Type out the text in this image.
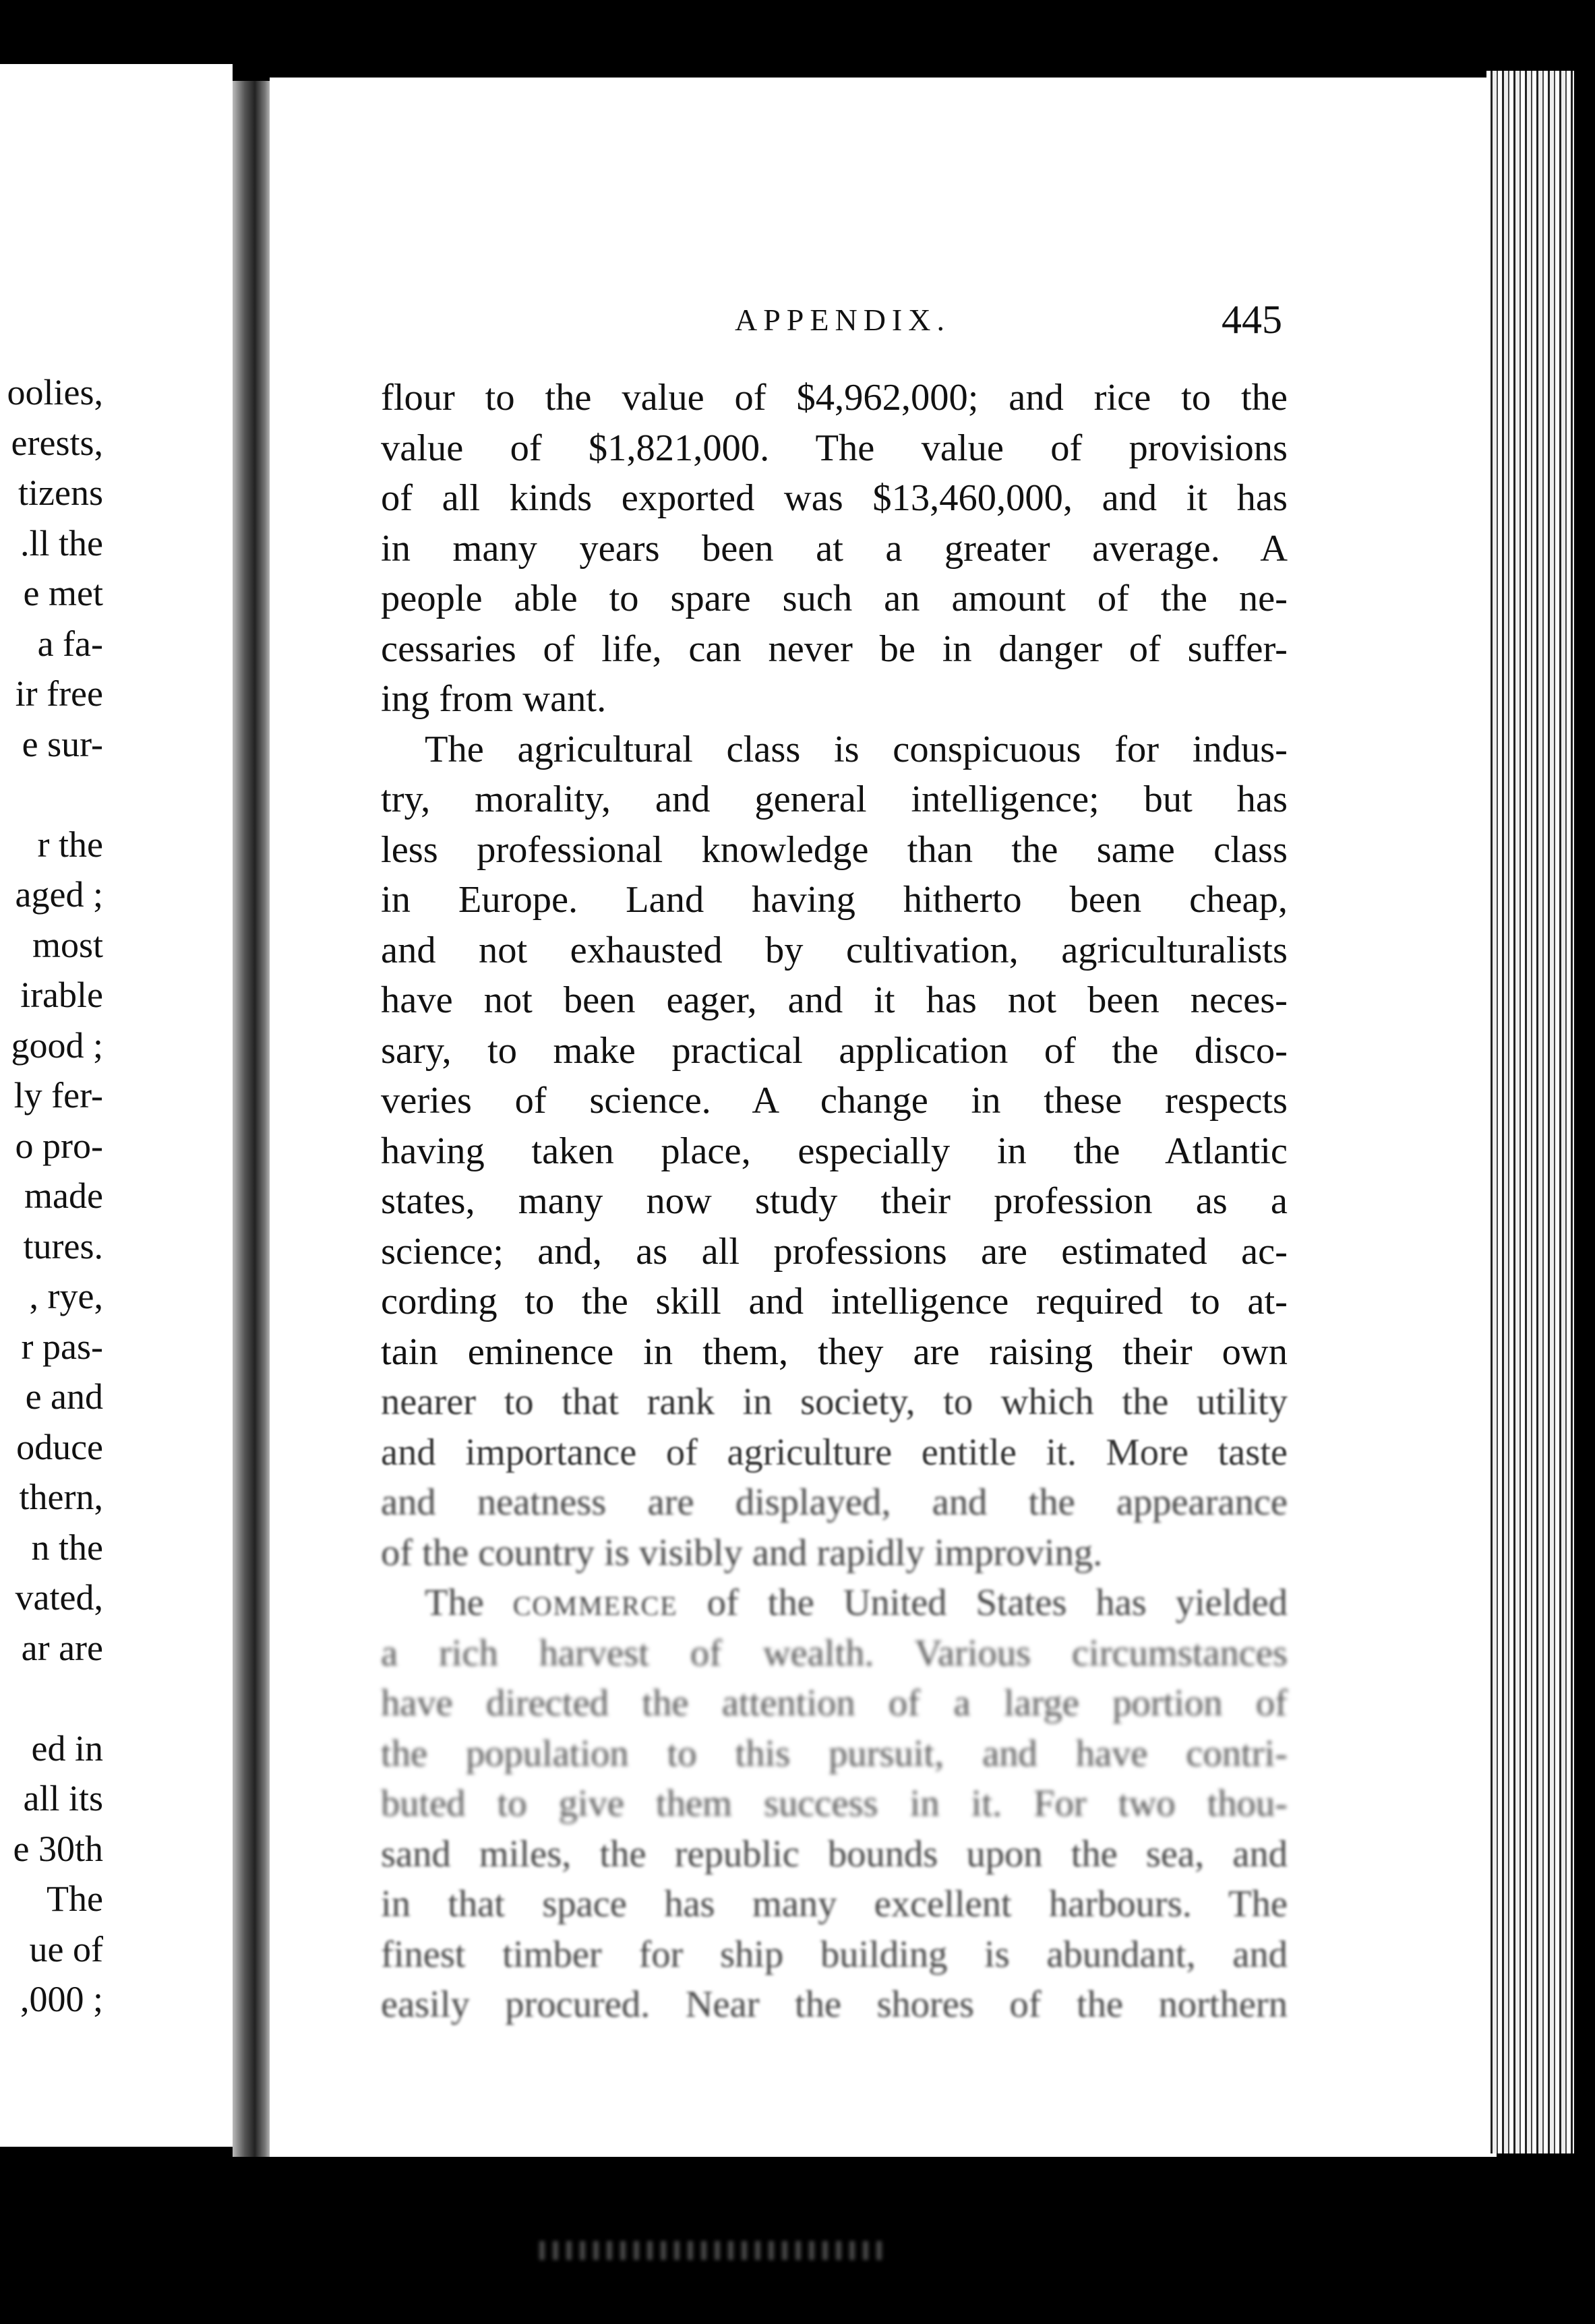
oolies,
erests,
tizens
.ll the
e met
a fa-
ir free
e sur-

r the
aged ;
most
irable
good ;
ly fer-
o pro-
made
tures.
, rye,
r pas-
e and
oduce
thern,
n the
vated,
ar are

ed in
all its
e 30th
The
ue of
,000 ;
APPENDIX.	445
flour to the value of $4,962,000; and rice to the
value of $1,821,000. The value of provisions
of all kinds exported was $13,460,000, and it has
in many years been at a greater average. A
people able to spare such an amount of the ne-
cessaries of life, can never be in danger of suffer-
ing from want.
The agricultural class is conspicuous for indus-
try, morality, and general intelligence; but has
less professional knowledge than the same class
in Europe. Land having hitherto been cheap,
and not exhausted by cultivation, agriculturalists
have not been eager, and it has not been neces-
sary, to make practical application of the disco-
veries of science. A change in these respects
having taken place, especially in the Atlantic
states, many now study their profession as a
science; and, as all professions are estimated ac-
cording to the skill and intelligence required to at-
tain eminence in them, they are raising their own
nearer to that rank in society, to which the utility
and importance of agriculture entitle it. More taste
and neatness are displayed, and the appearance
of the country is visibly and rapidly improving.
The commerce of the United States has yielded
a rich harvest of wealth. Various circumstances
have directed the attention of a large portion of
the population to this pursuit, and have contri-
buted to give them success in it. For two thou-
sand miles, the republic bounds upon the sea, and
in that space has many excellent harbours. The
finest timber for ship building is abundant, and
easily procured. Near the shores of the northern
